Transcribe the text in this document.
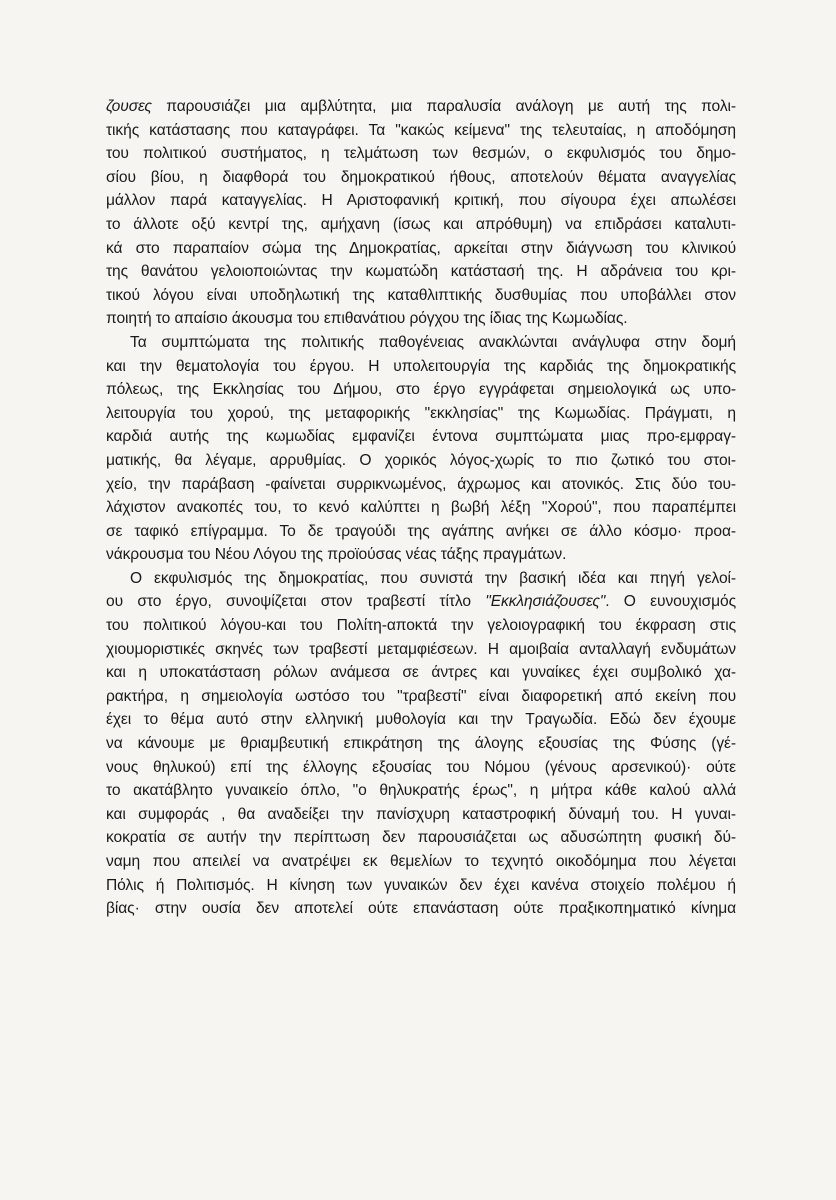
ζουσες παρουσιάζει μια αμβλύτητα, μια παραλυσία ανάλογη με αυτή της πολι-
τικής κατάστασης που καταγράφει. Τα "κακώς κείμενα" της τελευταίας, η αποδόμηση
του πολιτικού συστήματος, η τελμάτωση των θεσμών, ο εκφυλισμός του δημο-
σίου βίου, η διαφθορά του δημοκρατικού ήθους, αποτελούν θέματα αναγγελίας
μάλλον παρά καταγγελίας. Η Αριστοφανική κριτική, που σίγουρα έχει απωλέσει
το άλλοτε οξύ κεντρί της, αμήχανη (ίσως και απρόθυμη) να επιδράσει καταλυτι-
κά στο παραπαίον σώμα της Δημοκρατίας, αρκείται στην διάγνωση του κλινικού
της θανάτου γελοιοποιώντας την κωματώδη κατάστασή της. Η αδράνεια του κρι-
τικού λόγου είναι υποδηλωτική της καταθλιπτικής δυσθυμίας που υποβάλλει στον
ποιητή το απαίσιο άκουσμα του επιθανάτιου ρόγχου της ίδιας της Κωμωδίας.
Τα συμπτώματα της πολιτικής παθογένειας ανακλώνται ανάγλυφα στην δομή
και την θεματολογία του έργου. Η υπολειτουργία της καρδιάς της δημοκρατικής
πόλεως, της Εκκλησίας του Δήμου, στο έργο εγγράφεται σημειολογικά ως υπο-
λειτουργία του χορού, της μεταφορικής "εκκλησίας" της Κωμωδίας. Πράγματι, η
καρδιά αυτής της κωμωδίας εμφανίζει έντονα συμπτώματα μιας προ-εμφραγ-
ματικής, θα λέγαμε, αρρυθμίας. Ο χορικός λόγος-χωρίς το πιο ζωτικό του στοι-
χείο, την παράβαση -φαίνεται συρρικνωμένος, άχρωμος και ατονικός. Στις δύο του-
λάχιστον ανακοπές του, το κενό καλύπτει η βωβή λέξη "Χορού", που παραπέμπει
σε ταφικό επίγραμμα. Το δε τραγούδι της αγάπης ανήκει σε άλλο κόσμο· προα-
νάκρουσμα του Νέου Λόγου της προϊούσας νέας τάξης πραγμάτων.
Ο εκφυλισμός της δημοκρατίας, που συνιστά την βασική ιδέα και πηγή γελοί-
ου στο έργο, συνοψίζεται στον τραβεστί τίτλο "Εκκλησιάζουσες". Ο ευνουχισμός
του πολιτικού λόγου-και του Πολίτη-αποκτά την γελοιογραφική του έκφραση στις
χιουμοριστικές σκηνές των τραβεστί μεταμφιέσεων. Η αμοιβαία ανταλλαγή ενδυμάτων
και η υποκατάσταση ρόλων ανάμεσα σε άντρες και γυναίκες έχει συμβολικό χα-
ρακτήρα, η σημειολογία ωστόσο του "τραβεστί" είναι διαφορετική από εκείνη που
έχει το θέμα αυτό στην ελληνική μυθολογία και την Τραγωδία. Εδώ δεν έχουμε
να κάνουμε με θριαμβευτική επικράτηση της άλογης εξουσίας της Φύσης (γέ-
νους θηλυκού) επί της έλλογης εξουσίας του Νόμου (γένους αρσενικού)· ούτε
το ακατάβλητο γυναικείο όπλο, "ο θηλυκρατής έρως", η μήτρα κάθε καλού αλλά
και συμφοράς , θα αναδείξει την πανίσχυρη καταστροφική δύναμή του. Η γυναι-
κοκρατία σε αυτήν την περίπτωση δεν παρουσιάζεται ως αδυσώπητη φυσική δύ-
ναμη που απειλεί να ανατρέψει εκ θεμελίων το τεχνητό οικοδόμημα που λέγεται
Πόλις ή Πολιτισμός. Η κίνηση των γυναικών δεν έχει κανένα στοιχείο πολέμου ή
βίας· στην ουσία δεν αποτελεί ούτε επανάσταση ούτε πραξικοπηματικό κίνημα
